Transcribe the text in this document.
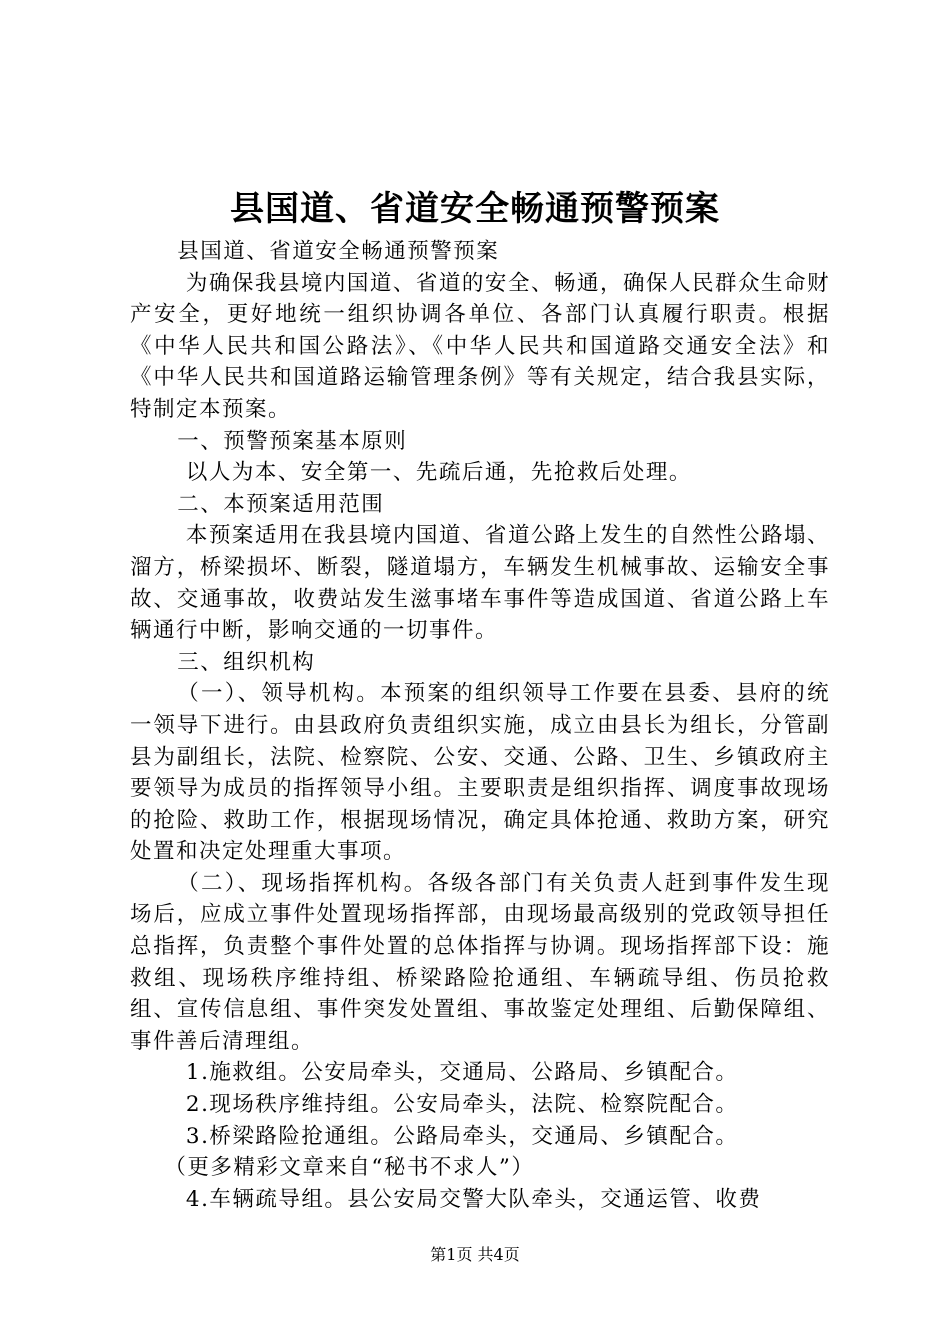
县国道、省道安全畅通预警预案

县国道、省道安全畅通预警预案

为确保我县境内国道、省道的安全、畅通，确保人民群众生命财产安全，更好地统一组织协调各单位、各部门认真履行职责。根据《中华人民共和国公路法》、《中华人民共和国道路交通安全法》和《中华人民共和国道路运输管理条例》等有关规定，结合我县实际，特制定本预案。

一、预警预案基本原则

以人为本、安全第一、先疏后通，先抢救后处理。

二、本预案适用范围

本预案适用在我县境内国道、省道公路上发生的自然性公路塌、溜方，桥梁损坏、断裂，隧道塌方，车辆发生机械事故、运输安全事故、交通事故，收费站发生滋事堵车事件等造成国道、省道公路上车辆通行中断，影响交通的一切事件。

三、组织机构

（一）、领导机构。本预案的组织领导工作要在县委、县府的统一领导下进行。由县政府负责组织实施，成立由县长为组长，分管副县为副组长，法院、检察院、公安、交通、公路、卫生、乡镇政府主要领导为成员的指挥领导小组。主要职责是组织指挥、调度事故现场的抢险、救助工作，根据现场情况，确定具体抢通、救助方案，研究处置和决定处理重大事项。

（二）、现场指挥机构。各级各部门有关负责人赶到事件发生现场后，应成立事件处置现场指挥部，由现场最高级别的党政领导担任总指挥，负责整个事件处置的总体指挥与协调。现场指挥部下设：施救组、现场秩序维持组、桥梁路险抢通组、车辆疏导组、伤员抢救组、宣传信息组、事件突发处置组、事故鉴定处理组、后勤保障组、事件善后清理组。

1.施救组。公安局牵头，交通局、公路局、乡镇配合。

2.现场秩序维持组。公安局牵头，法院、检察院配合。

3.桥梁路险抢通组。公路局牵头，交通局、乡镇配合。

（更多精彩文章来自“秘书不求人”）

4.车辆疏导组。县公安局交警大队牵头，交通运管、收费

第1页 共4页
